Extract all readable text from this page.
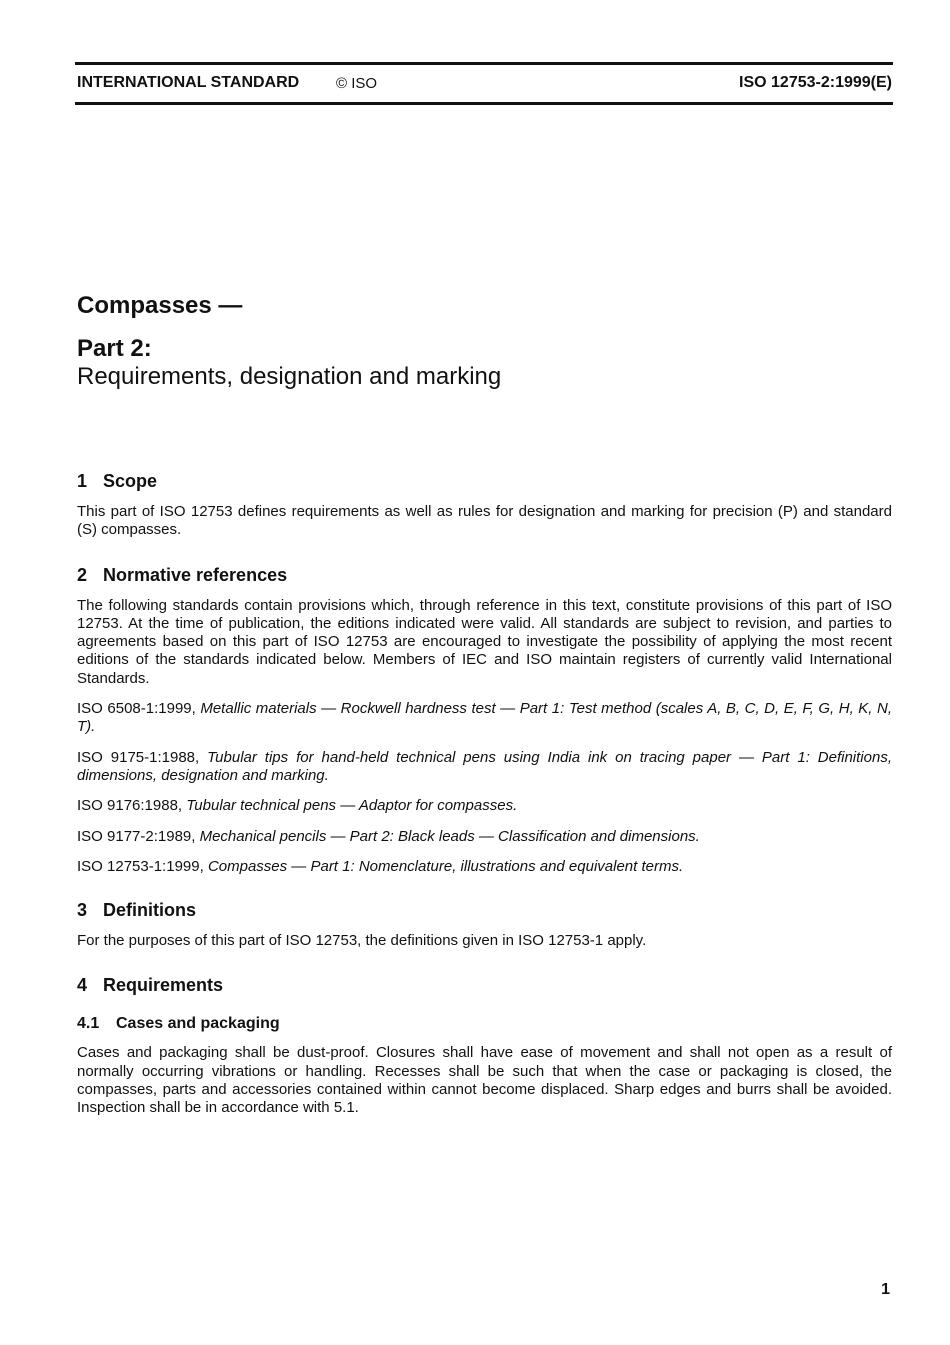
INTERNATIONAL STANDARD © ISO	ISO 12753-2:1999(E)
Compasses —
Part 2:
Requirements, designation and marking
1 Scope

This part of ISO 12753 defines requirements as well as rules for designation and marking for precision (P) and standard (S) compasses.

2 Normative references

The following standards contain provisions which, through reference in this text, constitute provisions of this part of ISO 12753. At the time of publication, the editions indicated were valid. All standards are subject to revision, and parties to agreements based on this part of ISO 12753 are encouraged to investigate the possibility of applying the most recent editions of the standards indicated below. Members of IEC and ISO maintain registers of currently valid International Standards.

ISO 6508-1:1999, Metallic materials — Rockwell hardness test — Part 1: Test method (scales A, B, C, D, E, F, G, H, K, N, T).

ISO 9175-1:1988, Tubular tips for hand-held technical pens using India ink on tracing paper — Part 1: Definitions, dimensions, designation and marking.

ISO 9176:1988, Tubular technical pens — Adaptor for compasses.

ISO 9177-2:1989, Mechanical pencils — Part 2: Black leads — Classification and dimensions.

ISO 12753-1:1999, Compasses — Part 1: Nomenclature, illustrations and equivalent terms.

3 Definitions

For the purposes of this part of ISO 12753, the definitions given in ISO 12753-1 apply.

4 Requirements
4.1 Cases and packaging

Cases and packaging shall be dust-proof. Closures shall have ease of movement and shall not open as a result of normally occurring vibrations or handling. Recesses shall be such that when the case or packaging is closed, the compasses, parts and accessories contained within cannot become displaced. Sharp edges and burrs shall be avoided. Inspection shall be in accordance with 5.1.

1
